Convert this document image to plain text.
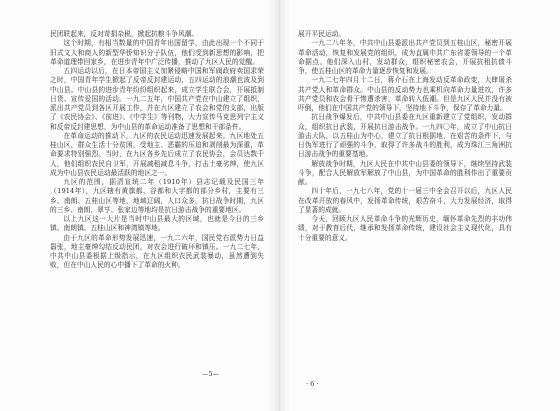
民团联起来，反对苛捐杂税，掀起抗粮斗争风潮。

这个时期，有相当数量的中国青年出国留学，由此出现一个不同于旧式文人和商人的新型华侨知识分子队伍，他们受到新思想的影响，把革命道理带回家乡，在进步青年中广泛传播，推动了九区人民的觉醒。

五四运动以后，在日本帝国主义加紧侵略中国和军阀政府卖国求荣之时，中国青年学生掀起了反帝反封建运动，五四运动的浪潮也波及到中山县。中山县的进步青年纷纷组织起来，成立学生联合会，开展抵制日货、宣传爱国的活动。一九二五年，中国共产党在中山建立了组织，派出共产党员到各区开展工作，并在九区建立了农会和党的支部，出版了《农民协会》、《前进》、《中学生》等刊物，大力宣传马克思列宁主义和反帝反封建思想，为中山县的革命运动准备了思想和干部条件。

在革命运动的推动下，九区的农民运动迅速发展起来。九区地处五桂山区，群众生活十分贫困，受地主、恶霸的压迫和剥削最为深重，革命要求特别强烈。当时，在九区各乡先后成立了农民协会，会员达数千人，他们组织农民自卫军，开展减租减息斗争，打击土豪劣绅，使九区成为中山县农民运动最活跃的地区之一。

九区的范围，据清宣统二年（1910年）县志记载及民国三年（1914年），九区辖有黄旗都、谷都和大字都的部分乡村，主要有三乡、南朗、五桂山区等地，地域辽阔，人口众多。抗日战争时期，九区的三乡、南朗、翠亨、张家边等地均是抗日游击战争的重要地区。

以上九区这一大片是当时中山县最大的区域，也就是今日的三乡镇、南朗镇、五桂山区和神湾镇等地。

由于九区的革命形势发展迅速，一九二六年，国民党右派势力日益嚣张，地主豪绅勾结反动民团，对农会进行破坏和镇压。一九二七年，中共中山县委根据上级指示，在九区组织农民武装暴动，虽然遭到失败，但在中山人民的心中播下了革命的火种。

—5—

展开平民运动。

一九二八年冬，中共中山县委派出共产党员到五桂山区，秘密开展革命活动，恢复和发展党的组织，成为直属中共广东省委领导的一个革命据点。他们深入山村，发动群众，组织秘密农会，开展抗租抗债斗争，使五桂山区的革命力量逐步恢复和发展。

一九二七年四月十二日，蒋介石在上海发动反革命政变，大肆屠杀共产党人和革命群众。中山县的反动势力也乘机向革命力量进攻，许多共产党员和农会骨干惨遭杀害，革命转入低潮。但是九区人民并没有被吓倒，他们在中国共产党的领导下，坚持地下斗争，保存了革命力量。

抗日战争爆发后，中共中山县委在九区重新建立了党组织，发动群众，组织抗日武装，开展抗日游击战争。一九四〇年，成立了中山抗日游击大队，以五桂山为中心，建立了抗日根据地，在艰苦的条件下，与日伪军进行了顽强的斗争，取得了许多战斗的胜利，成为珠江三角洲抗日游击战争的重要基地。

解放战争时期，九区人民在中共中山县委的领导下，继续坚持武装斗争，配合人民解放军解放了中山县，为中国革命的胜利作出了重要贡献。

四十年后，一九七八年，党的十一届三中全会召开以后，九区人民在改革开放的春风中，发扬革命传统，艰苦奋斗，大力发展经济，取得了显著的成就。

今天，回顾九区人民革命斗争的光辉历史，缅怀革命先烈的丰功伟绩，对于教育后代，继承和发扬革命传统，建设社会主义现代化，具有十分重要的意义。

· 6 ·
